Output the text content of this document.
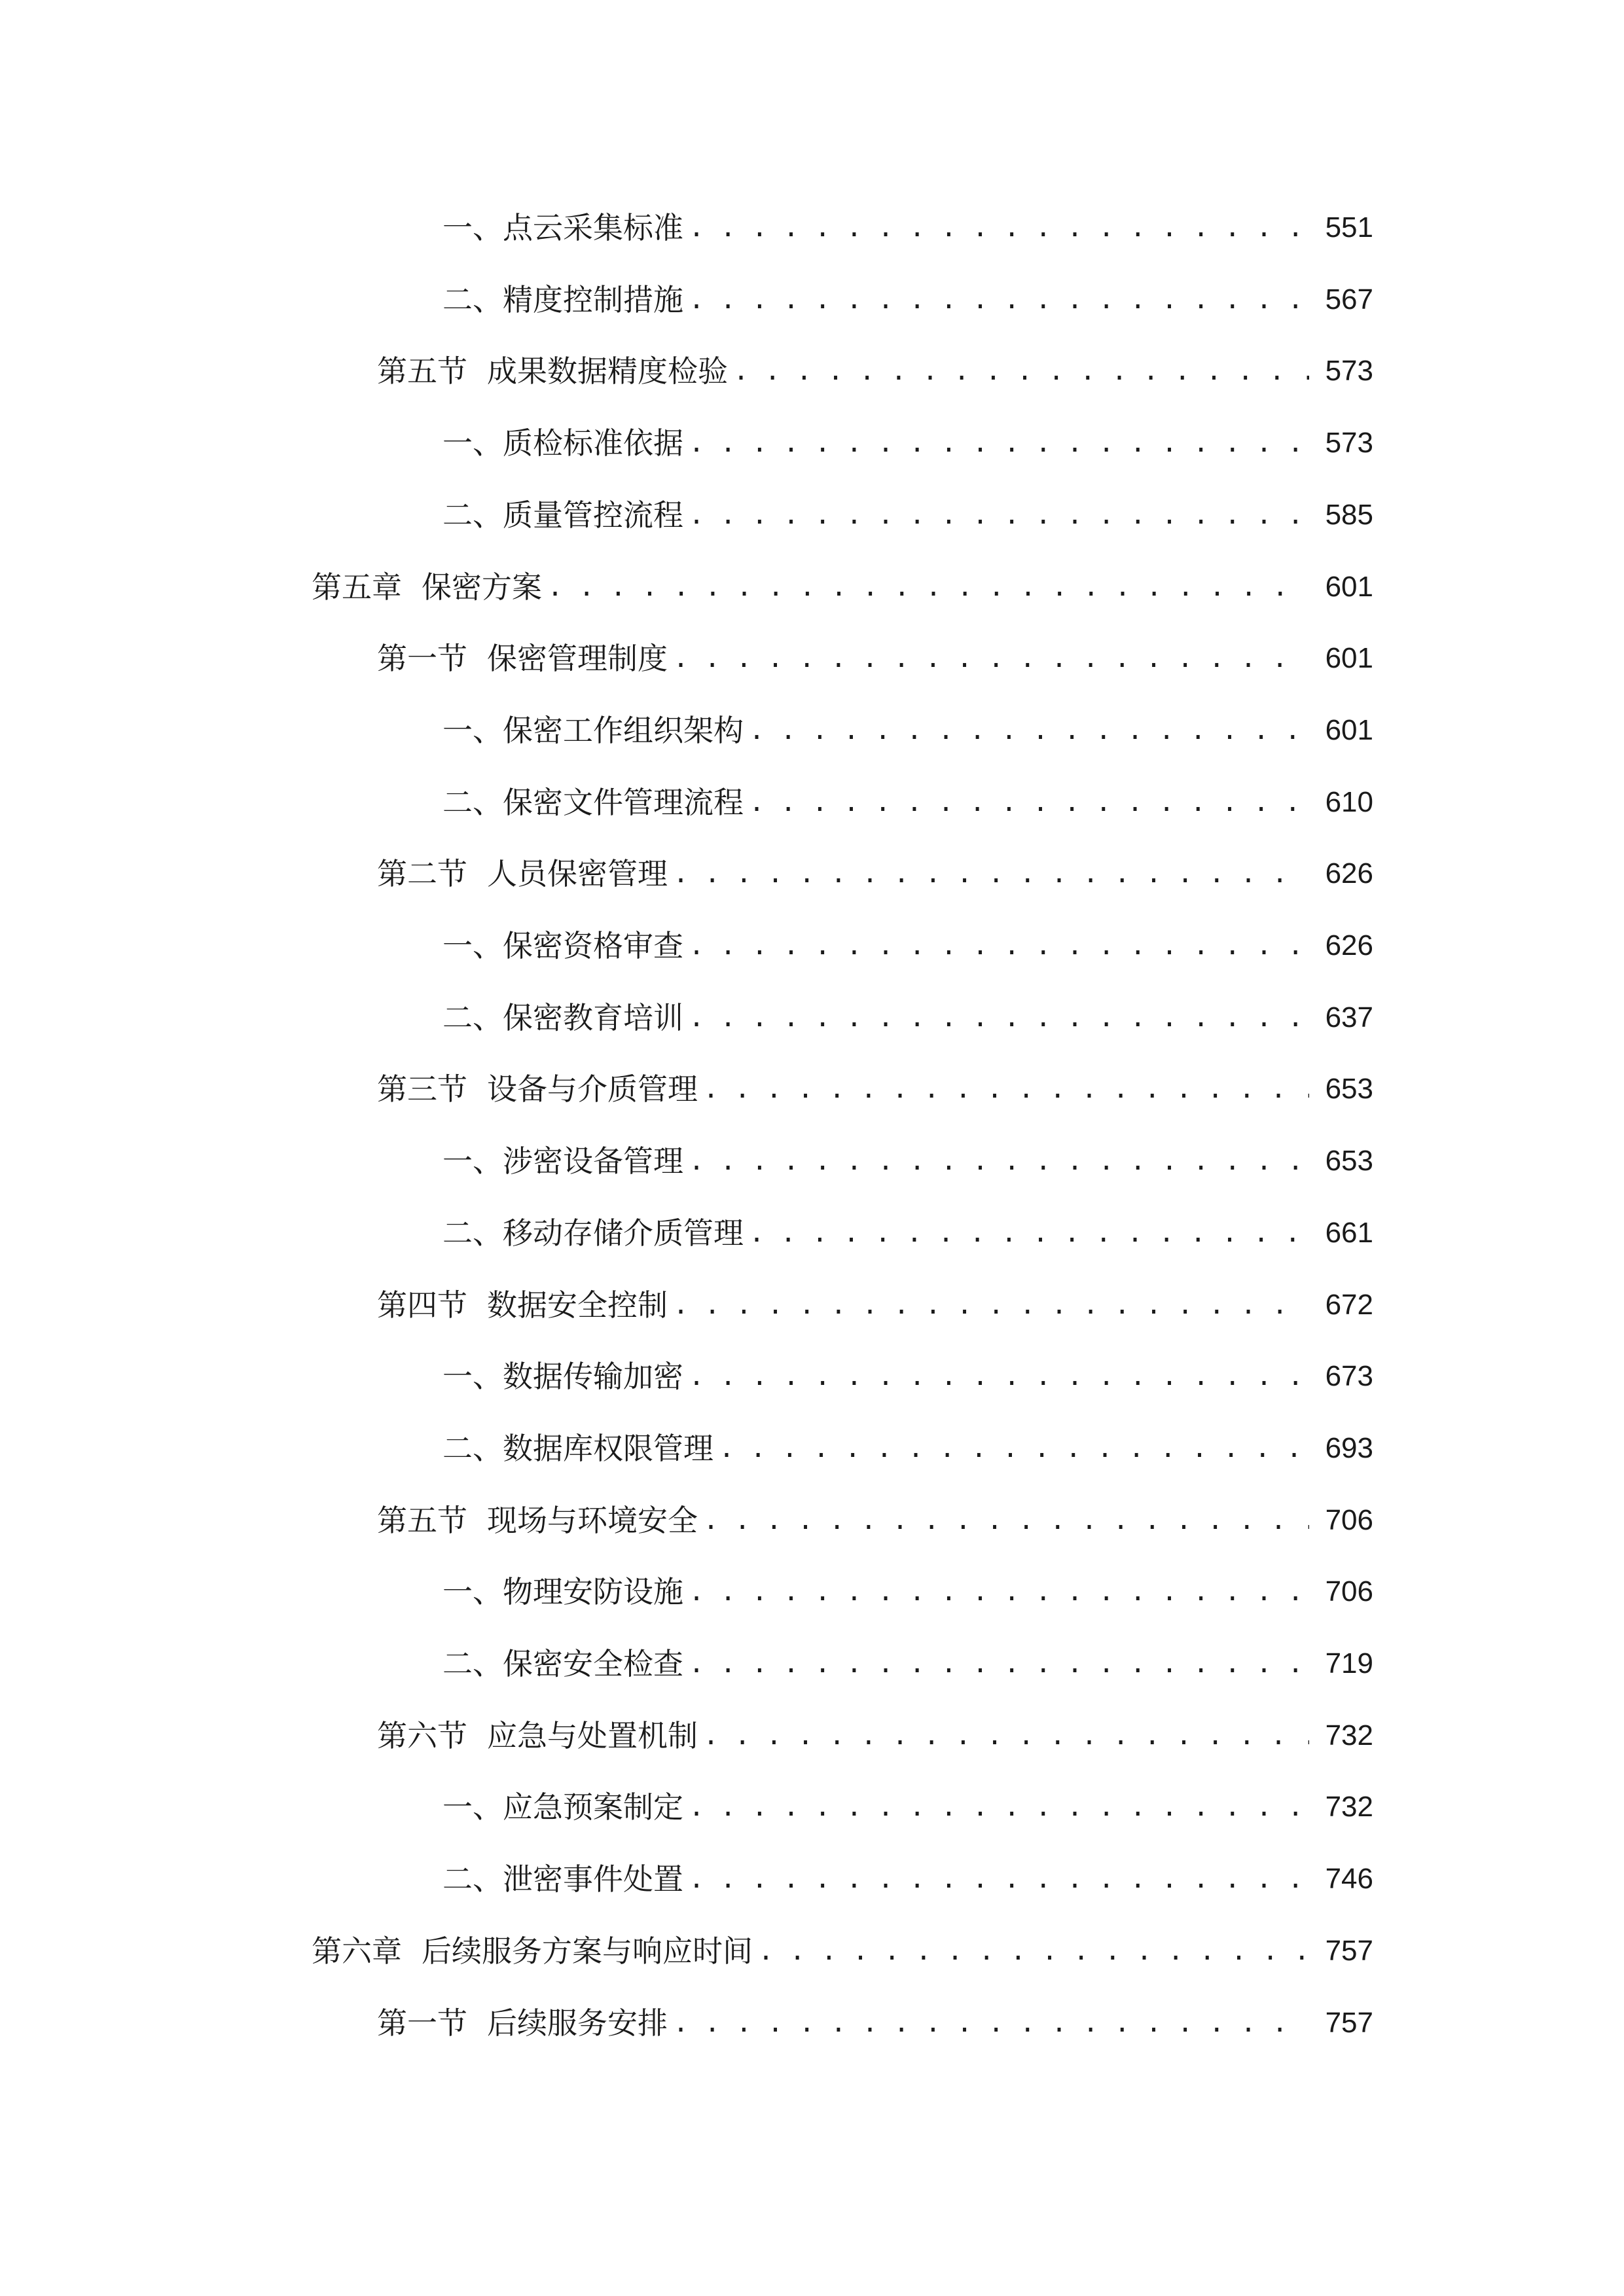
一、 点云采集标准 . . .	551
二、 精度控制措施 . . .	567
第五节 成果数据精度检验 . . .	573
一、 质检标准依据 . . .	573
二、 质量管控流程 . . .	585
第五章 保密方案 . . .	601
第一节 保密管理制度 . . .	601
一、 保密工作组织架构 . . .	601
二、 保密文件管理流程 . . .	610
第二节 人员保密管理 . . .	626
一、 保密资格审查 . . .	626
二、 保密教育培训 . . .	637
第三节 设备与介质管理 . . .	653
一、 涉密设备管理 . . .	653
二、 移动存储介质管理 . . .	661
第四节 数据安全控制 . . .	672
一、 数据传输加密 . . .	673
二、 数据库权限管理 . . .	693
第五节 现场与环境安全 . . .	706
一、 物理安防设施 . . .	706
二、 保密安全检查 . . .	719
第六节 应急与处置机制 . . .	732
一、 应急预案制定 . . .	732
二、 泄密事件处置 . . .	746
第六章 后续服务方案与响应时间 . . .	757
第一节 后续服务安排 . . .	757
